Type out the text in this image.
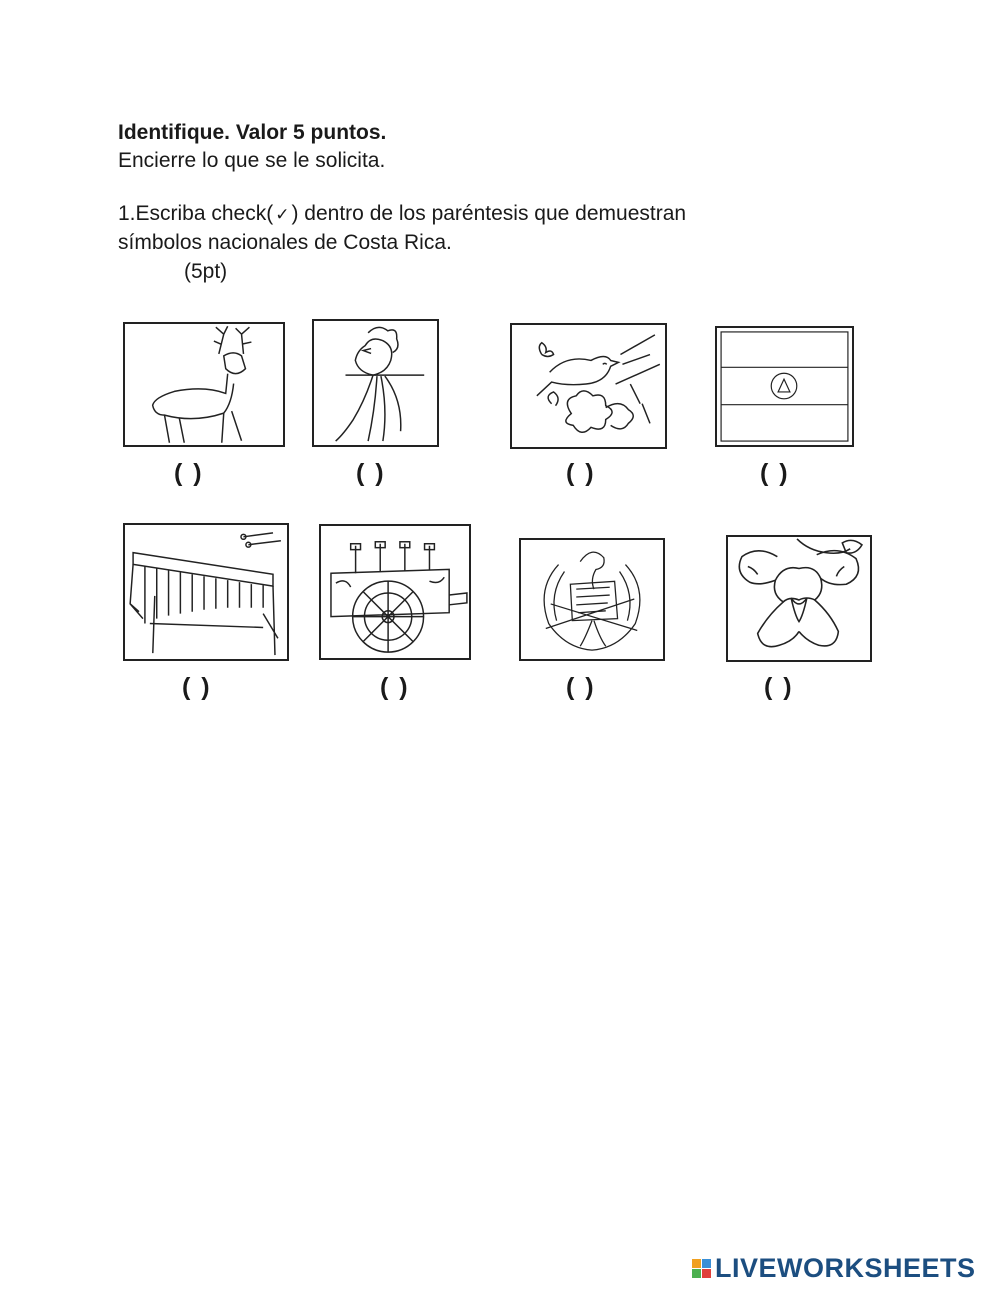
Identifique. Valor 5 puntos.
Encierre lo que se le solicita.
1.Escriba check( ✓) dentro de los paréntesis que demuestran
símbolos nacionales de Costa Rica.
(5pt)
( )	( )	( )	( )
( )	( )	( )	( )
LIVEWORKSHEETS
